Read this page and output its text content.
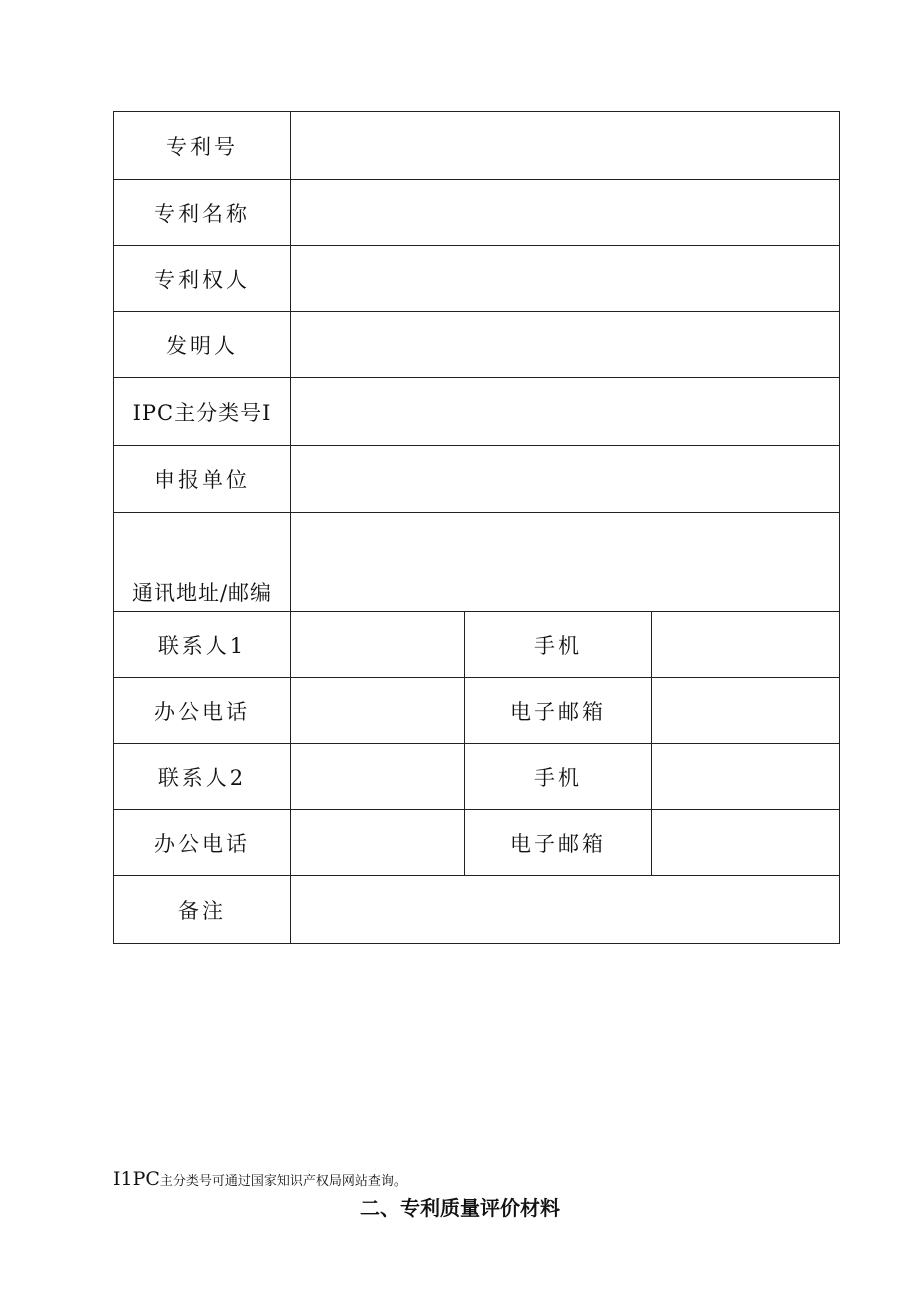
专利号			
专利名称			
专利权人			
发明人			
IPC主分类号I			
申报单位			
通讯地址/邮编			
联系人1		手机	
办公电话		电子邮箱	
联系人2		手机	
办公电话		电子邮箱	
备注			
I1PC主分类号可通过国家知识产权局网站查询。
二、专利质量评价材料
